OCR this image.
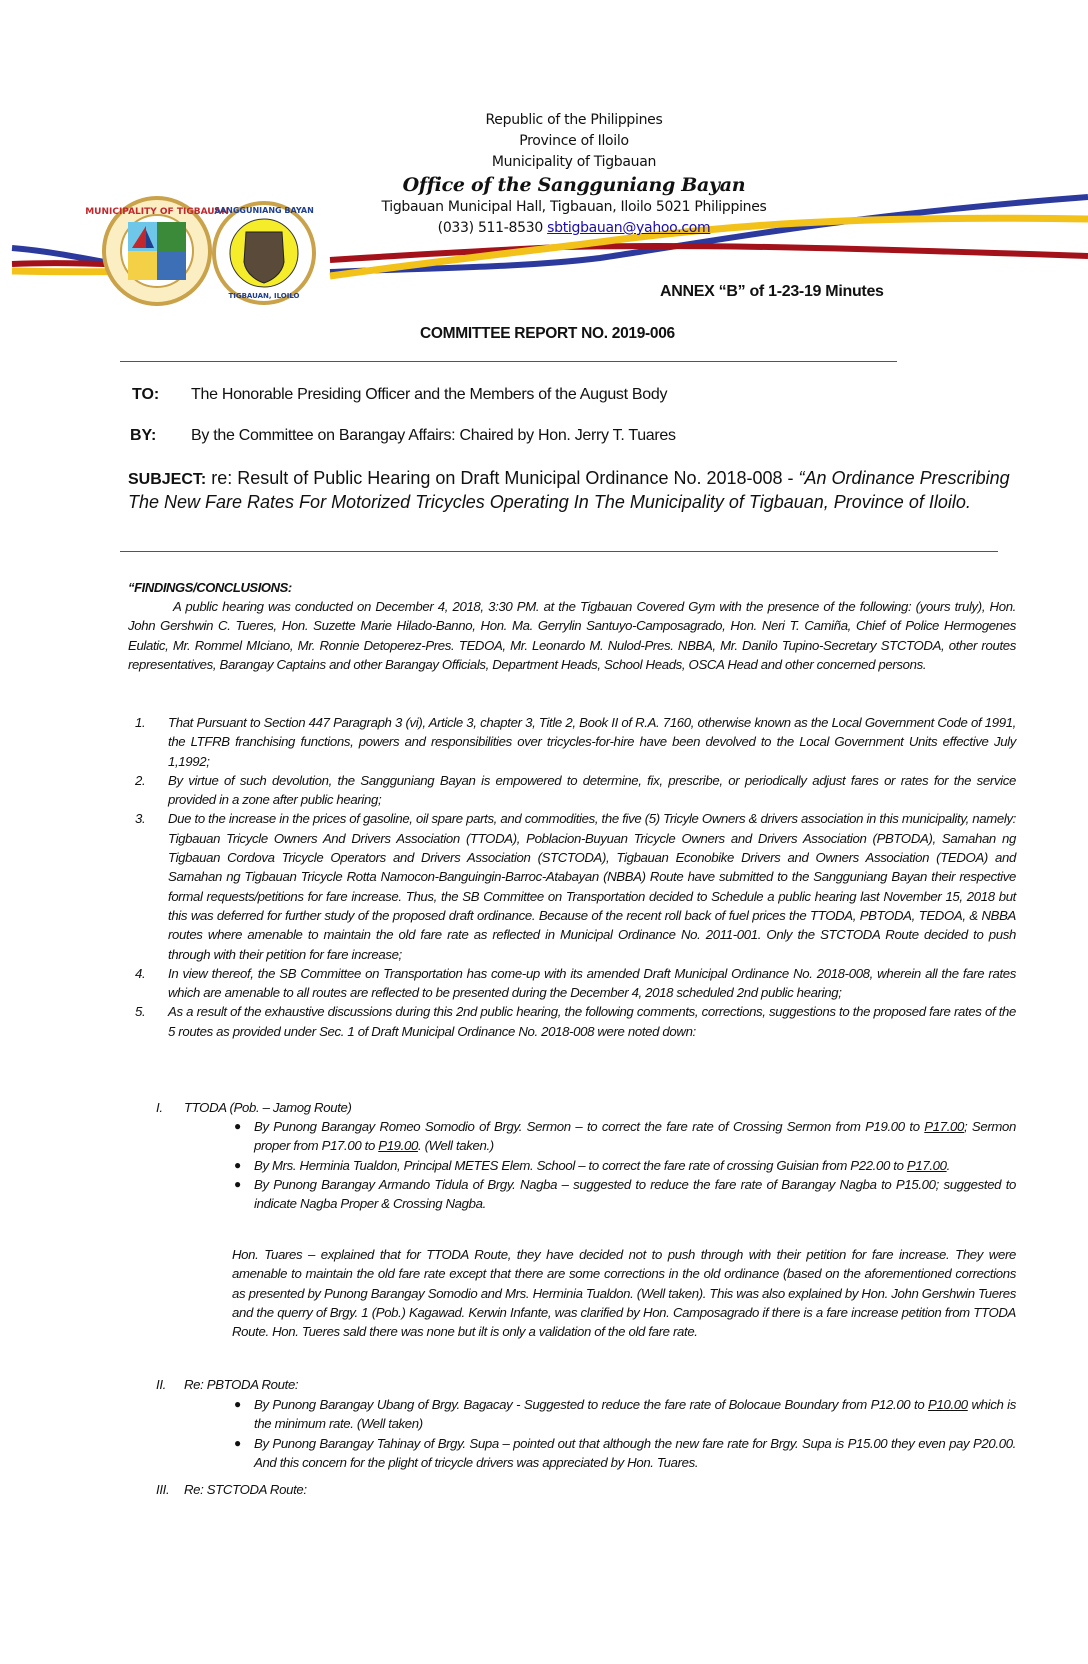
MUNICIPALITY OF TIGBAUAN
SANGGUNIANG BAYAN
TIGBAUAN, ILOILO
Republic of the Philippines
Province of Iloilo
Municipality of Tigbauan
Office of the Sangguniang Bayan
Tigbauan Municipal Hall, Tigbauan, Iloilo 5021 Philippines
(033) 511-8530 sbtigbauan@yahoo.com
ANNEX “B” of 1-23-19 Minutes
COMMITTEE REPORT NO. 2019-006
TO: The Honorable Presiding Officer and the Members of the August Body
BY: By the Committee on Barangay Affairs: Chaired by Hon. Jerry T. Tuares
SUBJECT: re: Result of Public Hearing on Draft Municipal Ordinance No. 2018-008 - “An Ordinance Prescribing The New Fare Rates For Motorized Tricycles Operating In The Municipality of Tigbauan, Province of Iloilo.
“FINDINGS/CONCLUSIONS:

A public hearing was conducted on December 4, 2018, 3:30 PM. at the Tigbauan Covered Gym with the presence of the following: (yours truly), Hon. John Gershwin C. Tueres, Hon. Suzette Marie Hilado-Banno, Hon. Ma. Gerrylin Santuyo-Camposagrado, Hon. Neri T. Camiña, Chief of Police Hermogenes Eulatic, Mr. Rommel MIciano, Mr. Ronnie Detoperez-Pres. TEDOA, Mr. Leonardo M. Nulod-Pres. NBBA, Mr. Danilo Tupino-Secretary STCTODA, other routes representatives, Barangay Captains and other Barangay Officials, Department Heads, School Heads, OSCA Head and other concerned persons.

1. That Pursuant to Section 447 Paragraph 3 (vi), Article 3, chapter 3, Title 2, Book II of R.A. 7160, otherwise known as the Local Government Code of 1991, the LTFRB franchising functions, powers and responsibilities over tricycles-for-hire have been devolved to the Local Government Units effective July 1,1992;
2. By virtue of such devolution, the Sangguniang Bayan is empowered to determine, fix, prescribe, or periodically adjust fares or rates for the service provided in a zone after public hearing;
3. Due to the increase in the prices of gasoline, oil spare parts, and commodities, the five (5) Tricyle Owners & drivers association in this municipality, namely: Tigbauan Tricycle Owners And Drivers Association (TTODA), Poblacion-Buyuan Tricycle Owners and Drivers Association (PBTODA), Samahan ng Tigbauan Cordova Tricycle Operators and Drivers Association (STCTODA), Tigbauan Econobike Drivers and Owners Association (TEDOA) and Samahan ng Tigbauan Tricycle Rotta Namocon-Banguingin-Barroc-Atabayan (NBBA) Route have submitted to the Sangguniang Bayan their respective formal requests/petitions for fare increase. Thus, the SB Committee on Transportation decided to Schedule a public hearing last November 15, 2018 but this was deferred for further study of the proposed draft ordinance. Because of the recent roll back of fuel prices the TTODA, PBTODA, TEDOA, & NBBA routes where amenable to maintain the old fare rate as reflected in Municipal Ordinance No. 2011-001. Only the STCTODA Route decided to push through with their petition for fare increase;
4. In view thereof, the SB Committee on Transportation has come-up with its amended Draft Municipal Ordinance No. 2018-008, wherein all the fare rates which are amenable to all routes are reflected to be presented during the December 4, 2018 scheduled 2nd public hearing;
5. As a result of the exhaustive discussions during this 2nd public hearing, the following comments, corrections, suggestions to the proposed fare rates of the 5 routes as provided under Sec. 1 of Draft Municipal Ordinance No. 2018-008 were noted down:
I. TTODA (Pob. – Jamog Route)
● By Punong Barangay Romeo Somodio of Brgy. Sermon – to correct the fare rate of Crossing Sermon from P19.00 to P17.00; Sermon proper from P17.00 to P19.00. (Well taken.)
● By Mrs. Herminia Tualdon, Principal METES Elem. School – to correct the fare rate of crossing Guisian from P22.00 to P17.00.
● By Punong Barangay Armando Tidula of Brgy. Nagba – suggested to reduce the fare rate of Barangay Nagba to P15.00; suggested to indicate Nagba Proper & Crossing Nagba.
Hon. Tuares – explained that for TTODA Route, they have decided not to push through with their petition for fare increase. They were amenable to maintain the old fare rate except that there are some corrections in the old ordinance (based on the aforementioned corrections as presented by Punong Barangay Somodio and Mrs. Herminia Tualdon. (Well taken). This was also explained by Hon. John Gershwin Tueres and the querry of Brgy. 1 (Pob.) Kagawad. Kerwin Infante, was clarified by Hon. Camposagrado if there is a fare increase petition from TTODA Route. Hon. Tueres sald there was none but ilt is only a validation of the old fare rate.
II. Re: PBTODA Route:
● By Punong Barangay Ubang of Brgy. Bagacay - Suggested to reduce the fare rate of Bolocaue Boundary from P12.00 to P10.00 which is the minimum rate. (Well taken)
● By Punong Barangay Tahinay of Brgy. Supa – pointed out that although the new fare rate for Brgy. Supa is P15.00 they even pay P20.00. And this concern for the plight of tricycle drivers was appreciated by Hon. Tuares.
III. Re: STCTODA Route:
